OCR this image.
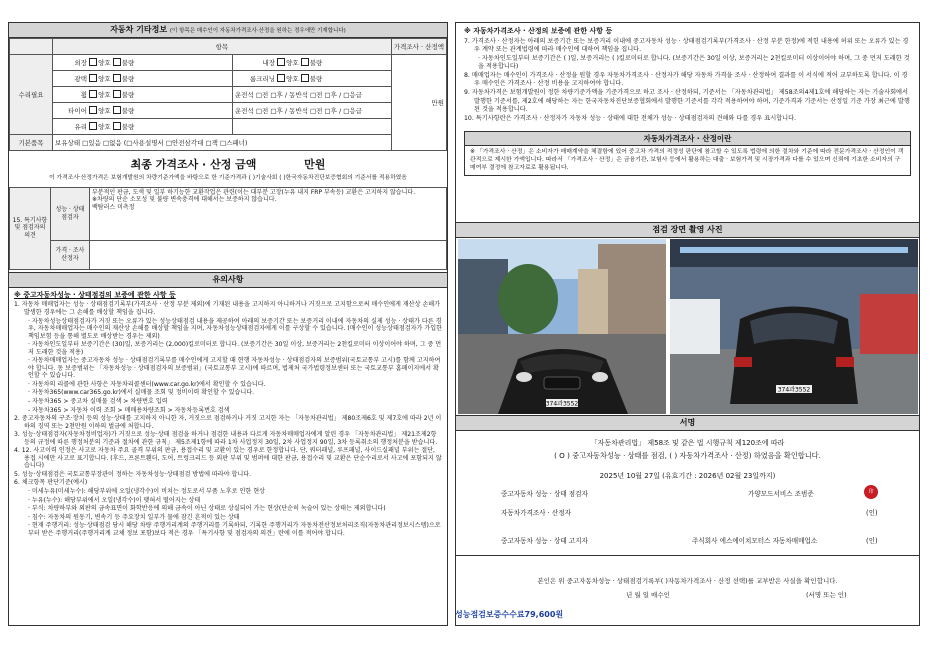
자동차 기타정보 (이 항목은 매수인이 자동차가격조사·산정을 원하는 경우에만 기재합니다)
	항목		가격조사 · 산정액
수리필요	외장 양호 불량	내장 양호 불량	만원
	광택 양호 불량	룸크리닝 양호 불량	
	휠 양호 불량	운전석 □전 □후 / 동반석 □전 □후 / □응급	
	타이어 양호 불량	운전석 □전 □후 / 동반석 □전 □후 / □응급	
	유리 양호 불량		
기본품목	보유상태 □있음 □없음 (□사용설명서 □안전삼각대 □잭 □스패너)		
최종 가격조사 · 산정 금액	만원
이 가격조사·산정가격은 보험개발원의 차량기준가액을 바탕으로 한 기준가격과 ( )기술사회 ( )한국자동차진단보증협회의 기준서를 적용하였음
15. 특기사항 및 점검자의 의견	성능 · 상태 점검자	부분적인 판금, 도색 및 일부 하기능한 교환작업은 관련(이는 대부분 고장(누유 내지 FRP 부속등) 교환은 고지하지 않습니다.
※차량의 단순 소모성 및 불량 변속충격에 대해서는 보증하지 않습니다.
백탐러스 미측정
	가격 · 조사 산정자	
유의사항
※ 중고자동차성능 · 상태점검의 보증에 관한 사항 등
1. 자동차 매매업자는 성능 · 상태점검기록부(가격조사 · 산정 부분 제외)에 기재된 내용을 고지하지 아니하거나 거짓으로 고지함으로써 매수인에게 재산상 손해가 발생한 경우에는 그 손해를 배상할 책임을 집니다.
· 자동차성능상태점검자가 거짓 또는 오류가 있는 성능상태점검 내용을 제공하여 아래의 보증기간 또는 보증거리 이내에 자동차의 실제 성능 · 상태가 다른 경우, 자동차매매업자는 매수인의 재산상 손해를 배상할 책임을 지며, 자동차성능상태점검자에게 이를 구상할 수 있습니다. (매수인이 성능상태점검자가 가입한 책임보험 등을 통해 별도로 배상받는 경우는 제외)
· 자동차인도일부터 보증기간은 (30)일, 보증거리는 (2,000)킬로미터로 합니다. (보증기간은 30일 이상, 보증거리는 2천킬로미터 이상이어야 하며, 그 중 먼저 도래한 것을 적용)
· 자동차매매업자는 중고자동차 성능 · 상태점검기록부를 매수인에게 고지할 때 현행 자동차성능 · 상태점검자의 보증범위(국토교통부 고시)를 함께 고지하여야 합니다. 동 보증범위는 「자동차성능 · 상태점검자의 보증범위」(국토교통부 고시)에 따르며, 법제처 국가법령정보센터 또는 국토교통부 홈페이지에서 확인할 수 있습니다.
· 자동차의 리콜에 관한 사항은 자동차리콜센터(www.car.go.kr)에서 확인할 수 있습니다.
· 자동차365(www.car365.go.kr)에서 실매물 조회 및 정비이력 확인할 수 있습니다.
- 자동차365 > 중고차 실매물 검색 > 차량번호 입력
- 자동차365 > 자동차 이력 조회 > 매매용차량조회 > 자동차등록번호 검색
2. 중고자동차의 구조·장치 등의 성능·상태를 고지하지 아니한 자, 거짓으로 점검하거나 거짓 고지한 자는 「자동차관리법」 제80조제6호 및 제7호에 따라 2년 이하의 징역 또는 2천만원 이하의 벌금에 처합니다.
3. 성능·상태점검자(자동차정비업자)가 거짓으로 성능·상태 점검을 하거나 점검한 내용과 다르게 자동차매매업자에게 알린 경우 「자동차관리법」 제21조제2항 등의 규정에 따른 행정처분의 기준과 절차에 관한 규칙」 제5조제1항에 따라 1차 사업정지 30일, 2차 사업정지 90일, 3차 등록취소의 행정처분을 받습니다.
4. 12. 사고이력 인정은 사고로 자동차 주요 골격 부위의 판금, 용접수리 및 교환이 있는 경우로 한정합니다. 단, 쿼터패널, 루프패널, 사이드실패널 부위는 절단, 용접 시에만 사고로 표기합니다. (후드, 프론트휀더, 도어, 트렁크리드 등 외판 부위 및 범퍼에 대한 판금, 용접수리 및 교환은 단순수리로서 사고에 포함되지 않습니다)
5. 성능·상태점검은 국토교통부장관이 정하는 자동차성능·상태점검 방법에 따라야 합니다.
6. 체크항목 판단기준(예시)
· 미세누유(미세누수): 해당부위에 오일(냉각수)이 비치는 정도로서 부품 노후로 인한 현상
· 누유(누수): 해당부위에서 오일(냉각수)이 맺혀서 떨어지는 상태
· 부식: 차량하부와 외판의 금속표면이 화학반응에 의해 금속이 아닌 상태로 상실되어 가는 현상(단순히 녹슬어 있는 상태는 제외합니다)
· 침수: 자동차의 원동기, 변속기 등 주요장치 일부가 물에 잠긴 흔적이 있는 상태
· 현재 주행거리: 성능·상태점검 당시 해당 차량 주행거리계의 주행거리를 기록하되, 기록한 주행거리가 자동차전산정보처리조직(자동차관리정보시스템)으로부터 받은 주행거리(주행거리계 교체 정보 포함)보다 적은 경우 「특기사항 및 점검자의 의견」란에 이를 적어야 합니다.
※ 자동차가격조사 · 산정의 보증에 관한 사항 등
7. 가격조사 · 산정자는 아래의 보증기간 또는 보증거리 이내에 중고자동차 성능 · 상태점검기록부(가격조사 · 산정 부분 한정)에 적힌 내용에 허위 또는 오류가 있는 경우 계약 또는 관계법령에 따라 매수인에 대하여 책임을 집니다.
· 자동차인도일부터 보증기간은 ( )일, 보증거리는 ( )킬로미터로 합니다. (보증기간은 30일 이상, 보증거리는 2천킬로미터 이상이어야 하며, 그 중 먼저 도래한 것을 적용합니다)
8. 매매업자는 매수인이 가격조사 · 산정을 원할 경우 자동차가격조사 · 산정자가 해당 자동차 가격을 조사 · 산정하여 결과를 이 서식에 적어 교부하도록 합니다. 이 경우 매수인은 가격조사 · 산정 비용을 고지하여야 합니다.
9. 자동차가격은 보험개발원이 정한 차량기준가액을 기준가격으로 하고 조사 · 산정하되, 기준서는 「자동차관리법」 제58조의4제1호에 해당하는 자는 기술사회에서 발행한 기준서를, 제2호에 해당하는 자는 한국자동차진단보증협회에서 발행한 기준서를 각각 적용하여야 하며, 기준가격과 기준서는 산정일 기준 가장 최근에 발행된 것을 적용합니다.
10. 특기사항란은 가격조사 · 산정자가 자동차 성능 · 상태에 대한 전체가 성능 · 상태점검자의 견해와 다를 경우 표시합니다.
자동차가격조사 · 산정이란
※ 「가격조사 · 산정」은 소비자가 매매계약을 체결함에 있어 중고차 가격의 적정성 판단에 참고할 수 있도록 법령에 의한 절차와 기준에 따라 전문가격조사 · 산정인이 객관적으로 제시한 가액입니다. 따라서 「가격조사 · 산정」은 금융기관, 보험사 등에서 활용하는 대출 · 보험가격 및 시장가격과 다를 수 있으며 신뢰에 기초한 소비자의 구매여부 결정에 참고자료로 활용됩니다.
점검 장면 촬영 사진
374과3552
374과3552
서명
「자동차관리법」 제58조 및 같은 법 시행규칙 제120조에 따라
( O ) 중고자동차성능 · 상태를 점검, ( ) 자동차가격조사 · 산정) 하였음을 확인합니다.
2025년 10월 27일 (유효기간 : 2026년 02월 23일까지)
중고자동차 성능 · 상태 점검자	가양모드서비스 조범준	印
자동차가격조사 · 산정자	(인)
중고자동차 성능 · 상태 고지자	주식회사 에스에이치모터스 자동차매매업소	(인)
본인은 위 중고자동차성능 · 상태점검기록부( )자동차가격조사 · 산정 선택)를 교부받은 사실을 확인합니다.
년 월 일 매수인	(서명 또는 인)
성능점검보증수수료79,600원
